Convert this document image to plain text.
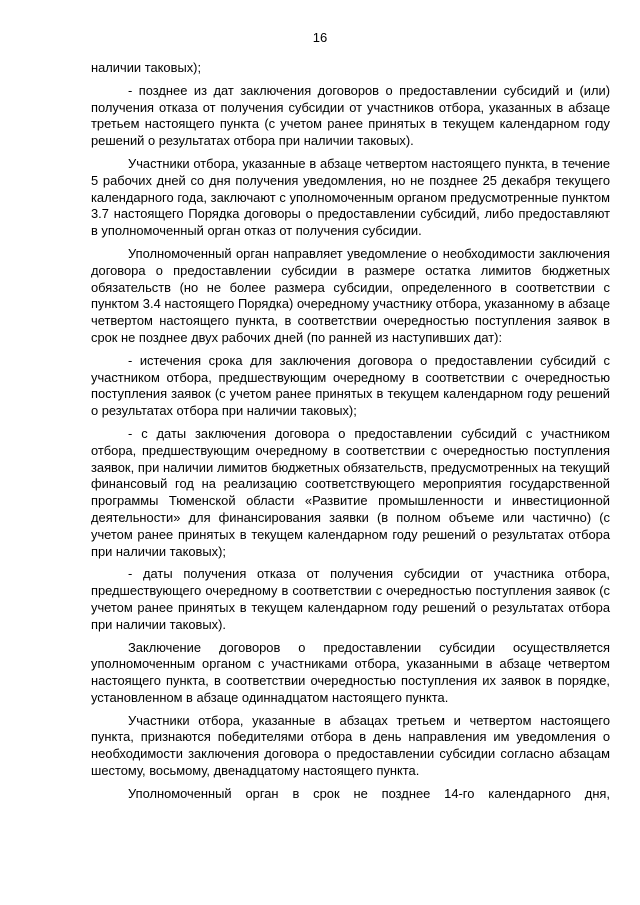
16

наличии таковых);

- позднее из дат заключения договоров о предоставлении субсидий и (или) получения отказа от получения субсидии от участников отбора, указанных в абзаце третьем настоящего пункта (с учетом ранее принятых в текущем календарном году решений о результатах отбора при наличии таковых).

Участники отбора, указанные в абзаце четвертом настоящего пункта, в течение 5 рабочих дней со дня получения уведомления, но не позднее 25 декабря текущего календарного года, заключают с уполномоченным органом предусмотренные пунктом 3.7 настоящего Порядка договоры о предоставлении субсидий, либо предоставляют в уполномоченный орган отказ от получения субсидии.

Уполномоченный орган направляет уведомление о необходимости заключения договора о предоставлении субсидии в размере остатка лимитов бюджетных обязательств (но не более размера субсидии, определенного в соответствии с пунктом 3.4 настоящего Порядка) очередному участнику отбора, указанному в абзаце четвертом настоящего пункта, в соответствии очередностью поступления заявок в срок не позднее двух рабочих дней (по ранней из наступивших дат):

- истечения срока для заключения договора о предоставлении субсидий с участником отбора, предшествующим очередному в соответствии с очередностью поступления заявок (с учетом ранее принятых в текущем календарном году решений о результатах отбора при наличии таковых);

- с даты заключения договора о предоставлении субсидий с участником отбора, предшествующим очередному в соответствии с очередностью поступления заявок, при наличии лимитов бюджетных обязательств, предусмотренных на текущий финансовый год на реализацию соответствующего мероприятия государственной программы Тюменской области «Развитие промышленности и инвестиционной деятельности» для финансирования заявки (в полном объеме или частично) (с учетом ранее принятых в текущем календарном году решений о результатах отбора при наличии таковых);

- даты получения отказа от получения субсидии от участника отбора, предшествующего очередному в соответствии с очередностью поступления заявок (с учетом ранее принятых в текущем календарном году решений о результатах отбора при наличии таковых).

Заключение договоров о предоставлении субсидии осуществляется уполномоченным органом с участниками отбора, указанными в абзаце четвертом настоящего пункта, в соответствии очередностью поступления их заявок в порядке, установленном в абзаце одиннадцатом настоящего пункта.

Участники отбора, указанные в абзацах третьем и четвертом настоящего пункта, признаются победителями отбора в день направления им уведомления о необходимости заключения договора о предоставлении субсидии согласно абзацам шестому, восьмому, двенадцатому настоящего пункта.

Уполномоченный орган в срок не позднее 14-го календарного дня,
